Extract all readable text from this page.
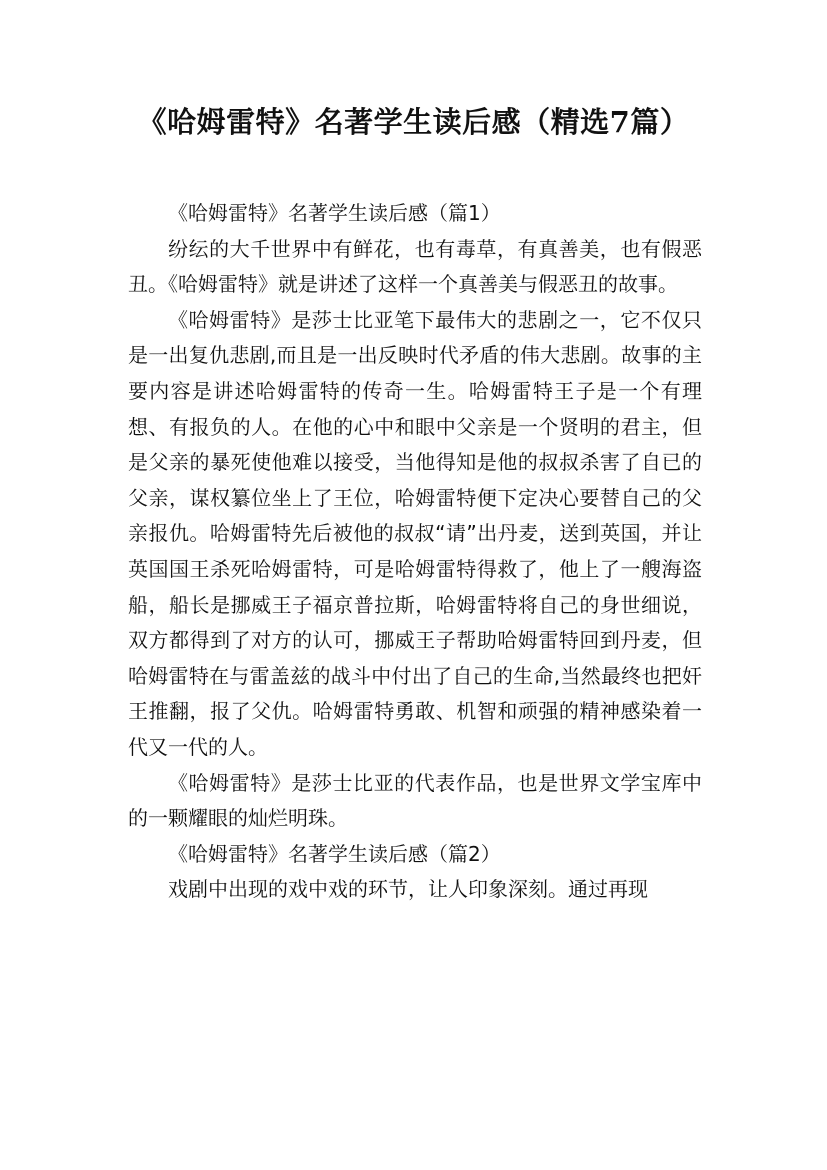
《哈姆雷特》名著学生读后感（精选7篇）

《哈姆雷特》名著学生读后感（篇1）

纷纭的大千世界中有鲜花，也有毒草，有真善美，也有假恶丑。《哈姆雷特》就是讲述了这样一个真善美与假恶丑的故事。

《哈姆雷特》是莎士比亚笔下最伟大的悲剧之一，它不仅只是一出复仇悲剧,而且是一出反映时代矛盾的伟大悲剧。故事的主要内容是讲述哈姆雷特的传奇一生。哈姆雷特王子是一个有理想、有报负的人。在他的心中和眼中父亲是一个贤明的君主，但是父亲的暴死使他难以接受，当他得知是他的叔叔杀害了自已的父亲，谋权纂位坐上了王位，哈姆雷特便下定决心要替自己的父亲报仇。哈姆雷特先后被他的叔叔“请”出丹麦，送到英国，并让英国国王杀死哈姆雷特，可是哈姆雷特得救了，他上了一艘海盗船，船长是挪威王子福京普拉斯，哈姆雷特将自己的身世细说，双方都得到了对方的认可，挪威王子帮助哈姆雷特回到丹麦，但哈姆雷特在与雷盖兹的战斗中付出了自己的生命,当然最终也把奸王推翻，报了父仇。哈姆雷特勇敢、机智和顽强的精神感染着一代又一代的人。

《哈姆雷特》是莎士比亚的代表作品，也是世界文学宝库中的一颗耀眼的灿烂明珠。

《哈姆雷特》名著学生读后感（篇2）

戏剧中出现的戏中戏的环节，让人印象深刻。通过再现
